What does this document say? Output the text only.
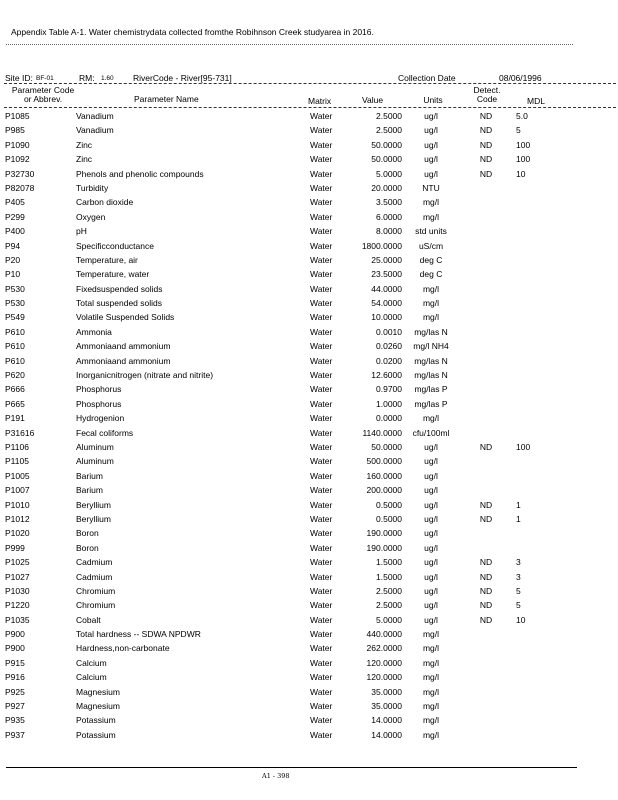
Appendix Table A-1. Water chemistrydata collected fromthe Robihnson Creek studyarea in 2016.
Site ID: BF-01	RM: 1.60 RiverCode - River[95-731]	Collection Date	08/06/1996
Parameter Code
or Abbrev.	Parameter Name	Matrix	Value	Units
Detect.
Code	MDL
P1085	Vanadium	Water	2.5000	ug/l	ND	5.0
P985	Vanadium	Water	2.5000	ug/l	ND	5
P1090	Zinc	Water	50.0000	ug/l	ND	100
P1092	Zinc	Water	50.0000	ug/l	ND	100
P32730	Phenols and phenolic compounds	Water	5.0000	ug/l	ND	10
P82078	Turbidity	Water	20.0000	NTU
P405	Carbon dioxide	Water	3.5000	mg/l
P299	Oxygen	Water	6.0000	mg/l
P400	pH	Water	8.0000	std units
P94	Specificconductance	Water	1800.0000	uS/cm
P20	Temperature, air	Water	25.0000	deg C
P10	Temperature, water	Water	23.5000	deg C
P530	Fixedsuspended solids	Water	44.0000	mg/l
P530	Total suspended solids	Water	54.0000	mg/l
P549	Volatile Suspended Solids	Water	10.0000	mg/l
P610	Ammonia	Water	0.0010	mg/las N
P610	Ammoniaand ammonium	Water	0.0260	mg/l NH4
P610	Ammoniaand ammonium	Water	0.0200	mg/las N
P620	Inorganicnitrogen (nitrate and nitrite)	Water	12.6000	mg/las N
P666	Phosphorus	Water	0.9700	mg/las P
P665	Phosphorus	Water	1.0000	mg/las P
P191	Hydrogenion	Water	0.0000	mg/l
P31616	Fecal coliforms	Water	1140.0000	cfu/100ml
P1106	Aluminum	Water	50.0000	ug/l	ND	100
P1105	Aluminum	Water	500.0000	ug/l
P1005	Barium	Water	160.0000	ug/l
P1007	Barium	Water	200.0000	ug/l
P1010	Beryllium	Water	0.5000	ug/l	ND	1
P1012	Beryllium	Water	0.5000	ug/l	ND	1
P1020	Boron	Water	190.0000	ug/l
P999	Boron	Water	190.0000	ug/l
P1025	Cadmium	Water	1.5000	ug/l	ND	3
P1027	Cadmium	Water	1.5000	ug/l	ND	3
P1030	Chromium	Water	2.5000	ug/l	ND	5
P1220	Chromium	Water	2.5000	ug/l	ND	5
P1035	Cobalt	Water	5.0000	ug/l	ND	10
P900	Total hardness -- SDWA NPDWR	Water	440.0000	mg/l
P900	Hardness,non-carbonate	Water	262.0000	mg/l
P915	Calcium	Water	120.0000	mg/l
P916	Calcium	Water	120.0000	mg/l
P925	Magnesium	Water	35.0000	mg/l
P927	Magnesium	Water	35.0000	mg/l
P935	Potassium	Water	14.0000	mg/l
P937	Potassium	Water	14.0000	mg/l
A1 - 398
